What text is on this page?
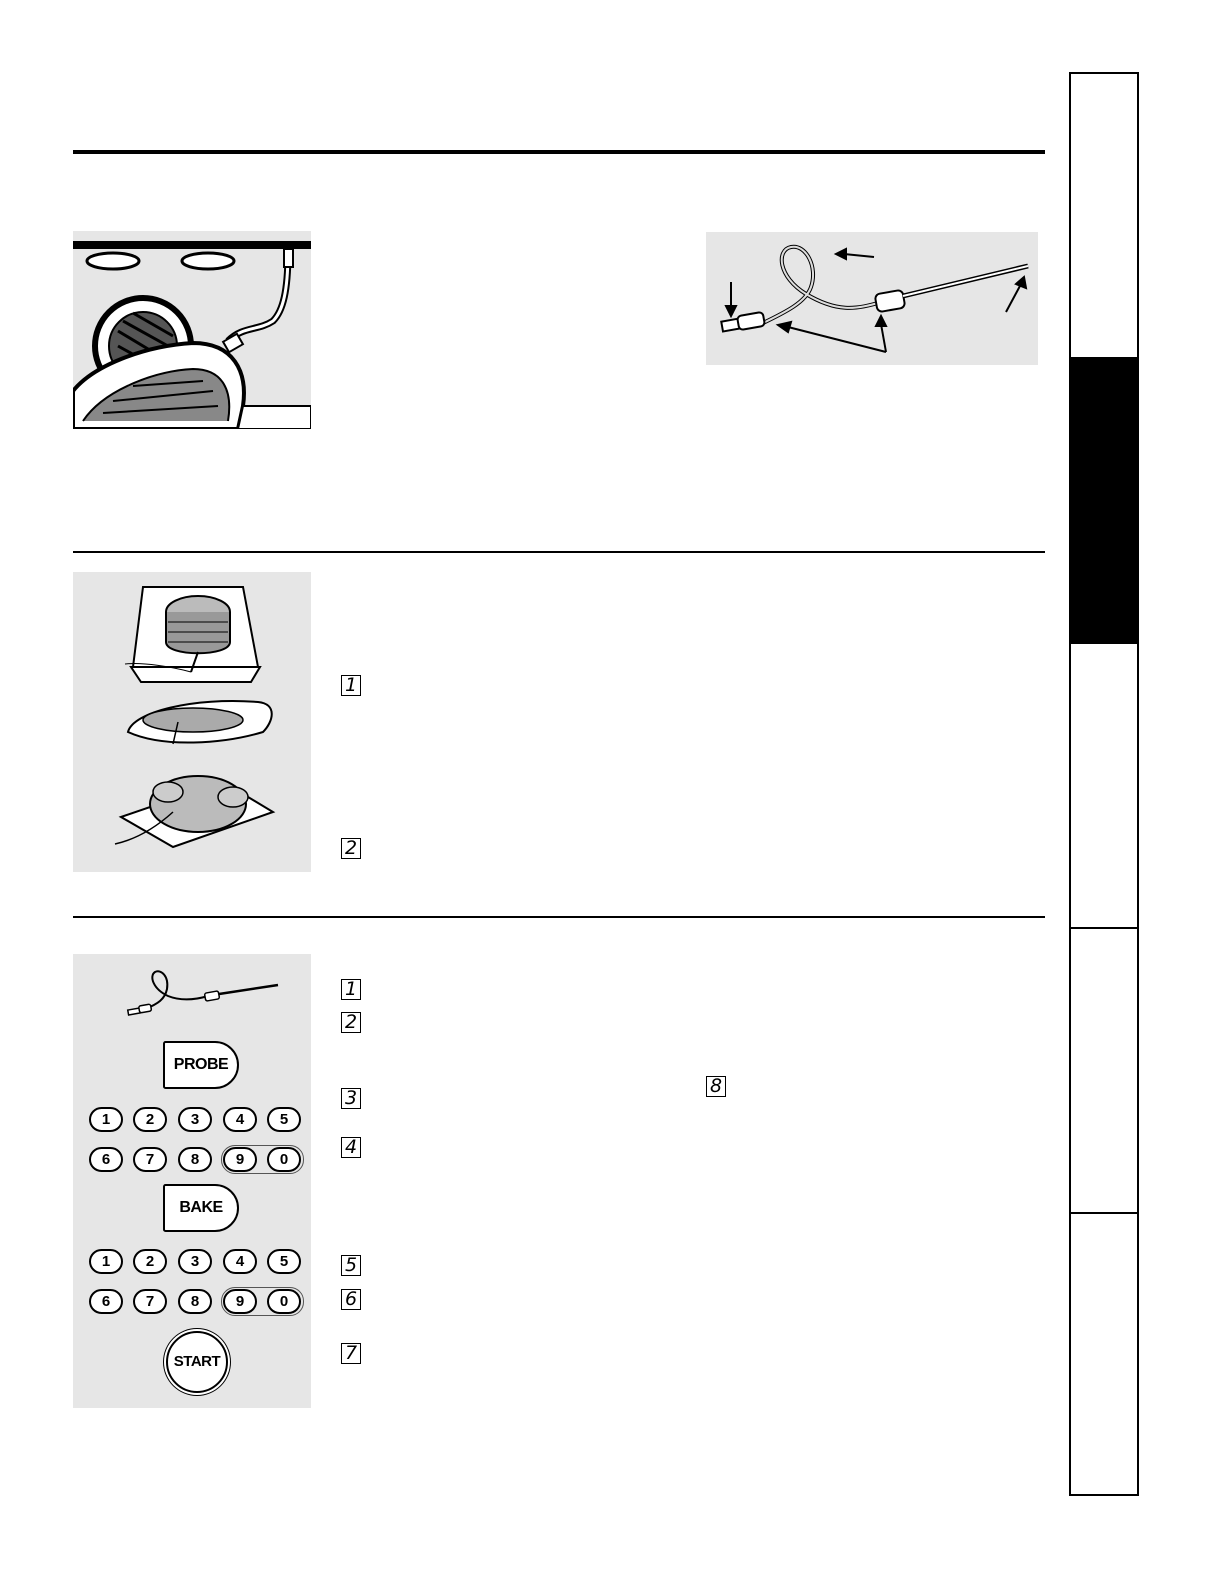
1
2
PROBE
1	2	3	4	5
6	7	8	9	0
BAKE
1	2	3	4	5
6	7	8	9	0
START
1
2
3
4
5
6
7
8
